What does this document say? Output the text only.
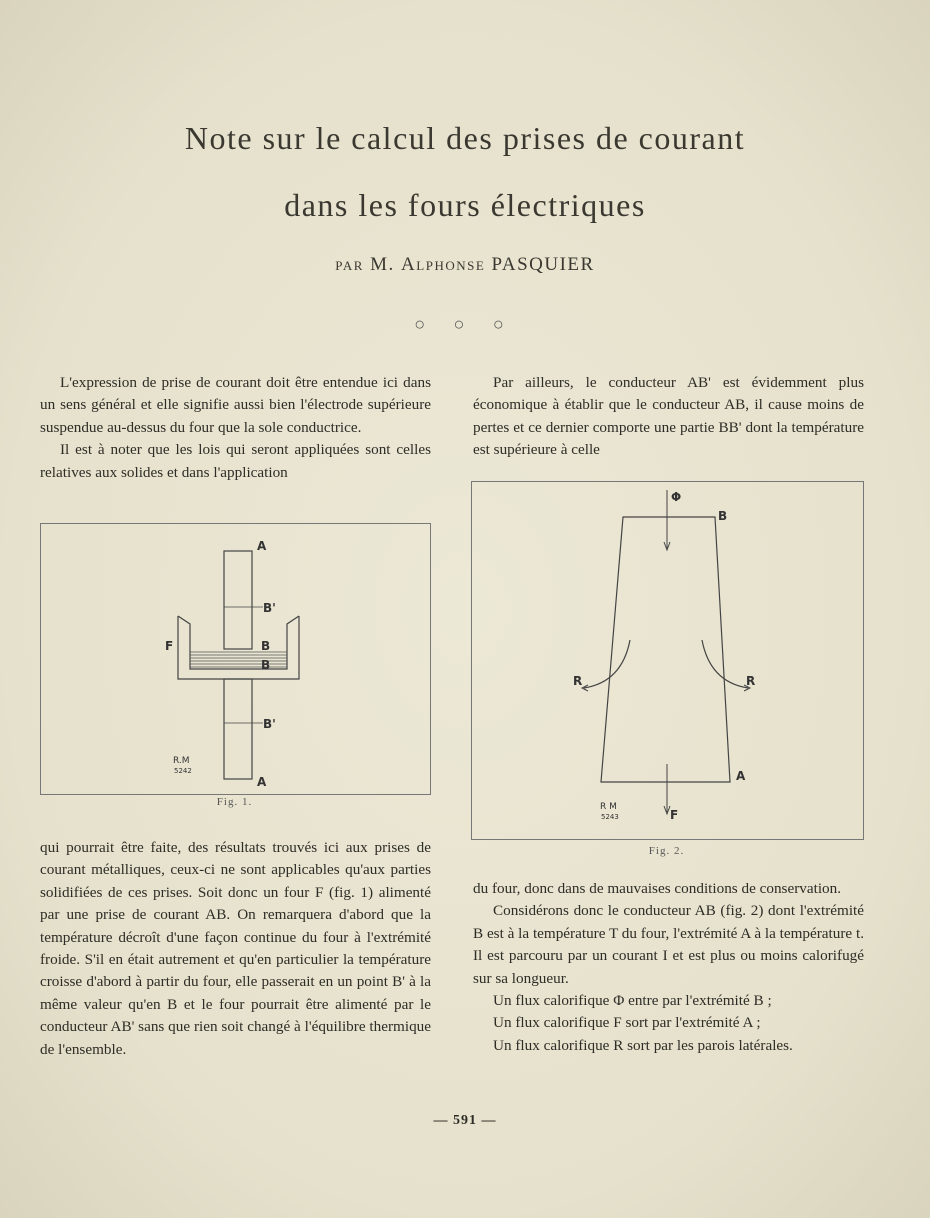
Note sur le calcul des prises de courant
dans les fours électriques
PAR M. Alphonse PASQUIER
○ ○ ○

L'expression de prise de courant doit être entendue ici dans un sens général et elle signifie aussi bien l'électrode supérieure suspendue au-dessus du four que la sole conductrice.

Il est à noter que les lois qui seront appliquées sont celles relatives aux solides et dans l'application

A
B'
F	B
B
B'
A
R.M
5242
Fig. 1.

qui pourrait être faite, des résultats trouvés ici aux prises de courant métalliques, ceux-ci ne sont applicables qu'aux parties solidifiées de ces prises. Soit donc un four F (fig. 1) alimenté par une prise de courant AB. On remarquera d'abord que la température décroît d'une façon continue du four à l'extrémité froide. S'il en était autrement et qu'en particulier la température croisse d'abord à partir du four, elle passerait en un point B' à la même valeur qu'en B et le four pourrait être alimenté par le conducteur AB' sans que rien soit changé à l'équilibre thermique de l'ensemble.

Par ailleurs, le conducteur AB' est évidemment plus économique à établir que le conducteur AB, il cause moins de pertes et ce dernier comporte une partie BB' dont la température est supérieure à celle

Φ
B
R	R
A
F
R M
5243
Fig. 2.

du four, donc dans de mauvaises conditions de conservation.

Considérons donc le conducteur AB (fig. 2) dont l'extrémité B est à la température T du four, l'extrémité A à la température t. Il est parcouru par un courant I et est plus ou moins calorifugé sur sa longueur.

Un flux calorifique Φ entre par l'extrémité B ;

Un flux calorifique F sort par l'extrémité A ;

Un flux calorifique R sort par les parois latérales.

— 591 —
